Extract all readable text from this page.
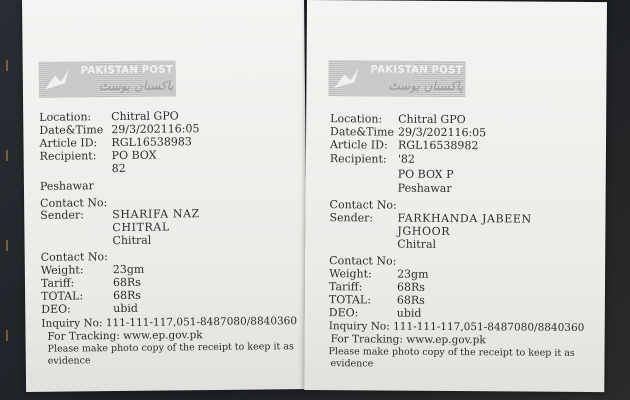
PAKISTAN POST
پاکستان پوسٹ
Location: Chitral GPO
Date&Time 29/3/202116:05
Article ID: RGL16538983
Recipient: PO BOX
82
Peshawar
Contact No:
Sender:	SHARIFA NAZ
CHITRAL
Chitral
Contact No:
Weight:	23gm
Tariff:	68Rs
TOTAL:	68Rs
DEO:	ubid
Inquiry No: 111-111-117,051-8487080/8840360
For Tracking: www.ep.gov.pk
Please make photo copy of the receipt to keep it as
evidence
PAKISTAN POST
پاکستان پوسٹ
Location: Chitral GPO
Date&Time 29/3/202116:05
Article ID: RGL16538982
Recipient: '82
PO BOX P
Peshawar
Contact No:
Sender: FARKHANDA JABEEN
JGHOOR
Chitral
Contact No:
Weight: 23gm
Tariff:	68Rs
TOTAL: 68Rs
DEO:	ubid
Inquiry No: 111-111-117,051-8487080/8840360
For Tracking: www.ep.gov.pk
Please make photo copy of the receipt to keep it as
evidence
